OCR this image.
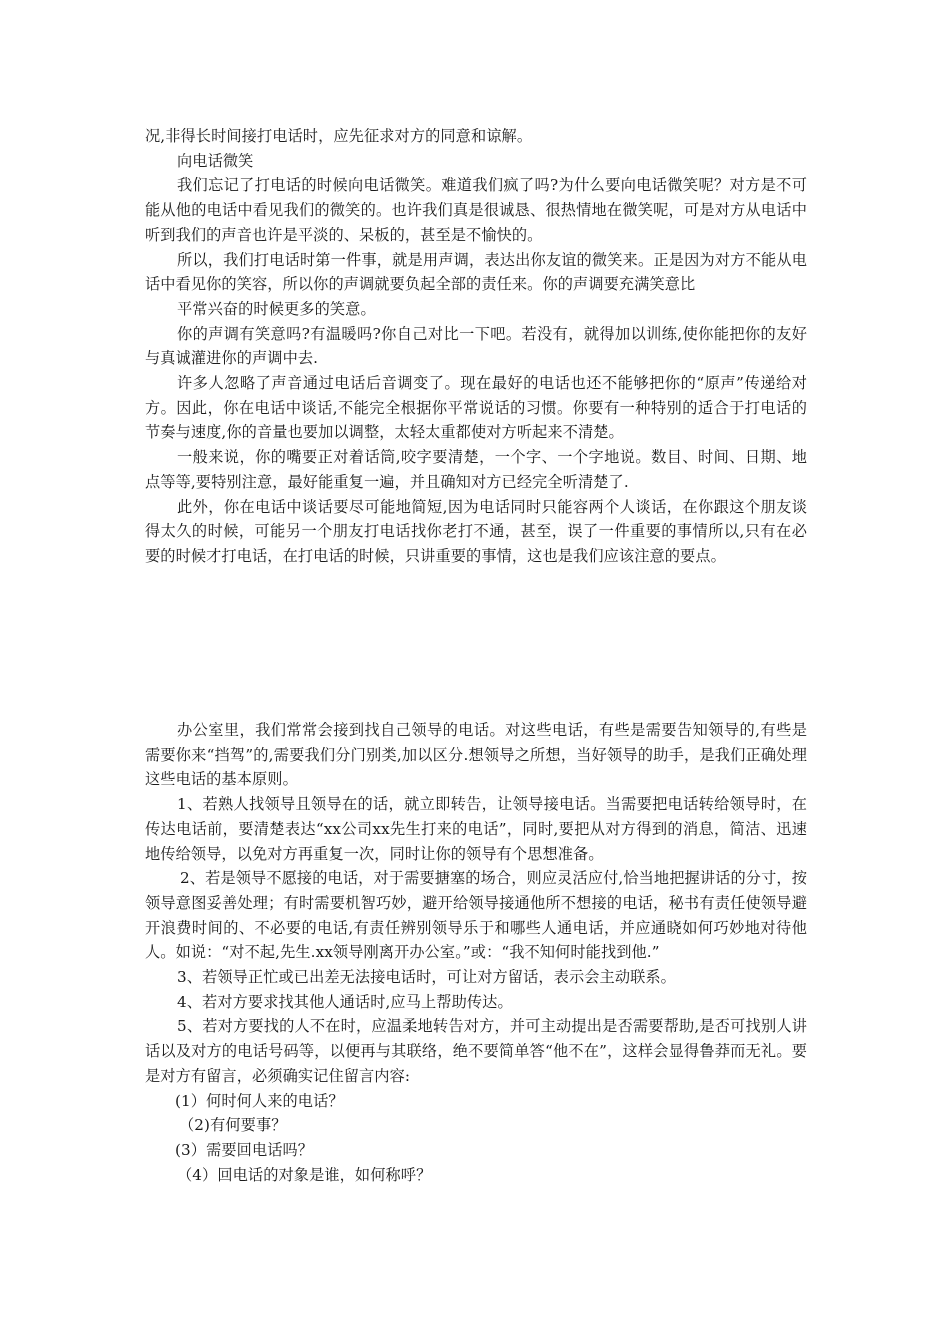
况,非得长时间接打电话时，应先征求对方的同意和谅解。

向电话微笑

我们忘记了打电话的时候向电话微笑。难道我们疯了吗?为什么要向电话微笑呢？对方是不可能从他的电话中看见我们的微笑的。也许我们真是很诚恳、很热情地在微笑呢，可是对方从电话中听到我们的声音也许是平淡的、呆板的，甚至是不愉快的。

所以，我们打电话时第一件事，就是用声调，表达出你友谊的微笑来。正是因为对方不能从电话中看见你的笑容，所以你的声调就要负起全部的责任来。你的声调要充满笑意比

平常兴奋的时候更多的笑意。

你的声调有笑意吗?有温暖吗?你自己对比一下吧。若没有，就得加以训练,使你能把你的友好与真诚灌进你的声调中去.

许多人忽略了声音通过电话后音调变了。现在最好的电话也还不能够把你的“原声”传递给对方。因此，你在电话中谈话,不能完全根据你平常说话的习惯。你要有一种特别的适合于打电话的节奏与速度,你的音量也要加以调整，太轻太重都使对方听起来不清楚。

一般来说，你的嘴要正对着话筒,咬字要清楚，一个字、一个字地说。数目、时间、日期、地点等等,要特别注意，最好能重复一遍，并且确知对方已经完全听清楚了.

此外，你在电话中谈话要尽可能地简短,因为电话同时只能容两个人谈话，在你跟这个朋友谈得太久的时候，可能另一个朋友打电话找你老打不通，甚至，误了一件重要的事情所以,只有在必要的时候才打电话，在打电话的时候，只讲重要的事情，这也是我们应该注意的要点。

办公室里，我们常常会接到找自己领导的电话。对这些电话，有些是需要告知领导的,有些是需要你来“挡驾”的,需要我们分门别类,加以区分.想领导之所想，当好领导的助手，是我们正确处理这些电话的基本原则。

1、若熟人找领导且领导在的话，就立即转告，让领导接电话。当需要把电话转给领导时，在传达电话前，要清楚表达“xx公司xx先生打来的电话”，同时,要把从对方得到的消息，简洁、迅速地传给领导，以免对方再重复一次，同时让你的领导有个思想准备。

2、若是领导不愿接的电话，对于需要搪塞的场合，则应灵活应付,恰当地把握讲话的分寸，按领导意图妥善处理；有时需要机智巧妙，避开给领导接通他所不想接的电话，秘书有责任使领导避开浪费时间的、不必要的电话,有责任辨别领导乐于和哪些人通电话，并应通晓如何巧妙地对待他人。如说：“对不起,先生.xx领导刚离开办公室。”或：“我不知何时能找到他.”

3、若领导正忙或已出差无法接电话时，可让对方留话，表示会主动联系。

4、若对方要求找其他人通话时,应马上帮助传达。

5、若对方要找的人不在时，应温柔地转告对方，并可主动提出是否需要帮助,是否可找别人讲话以及对方的电话号码等，以便再与其联络，绝不要简单答“他不在”，这样会显得鲁莽而无礼。要是对方有留言，必须确实记住留言内容:

(1）何时何人来的电话？

（2)有何要事？

(3）需要回电话吗？

（4）回电话的对象是谁，如何称呼？
